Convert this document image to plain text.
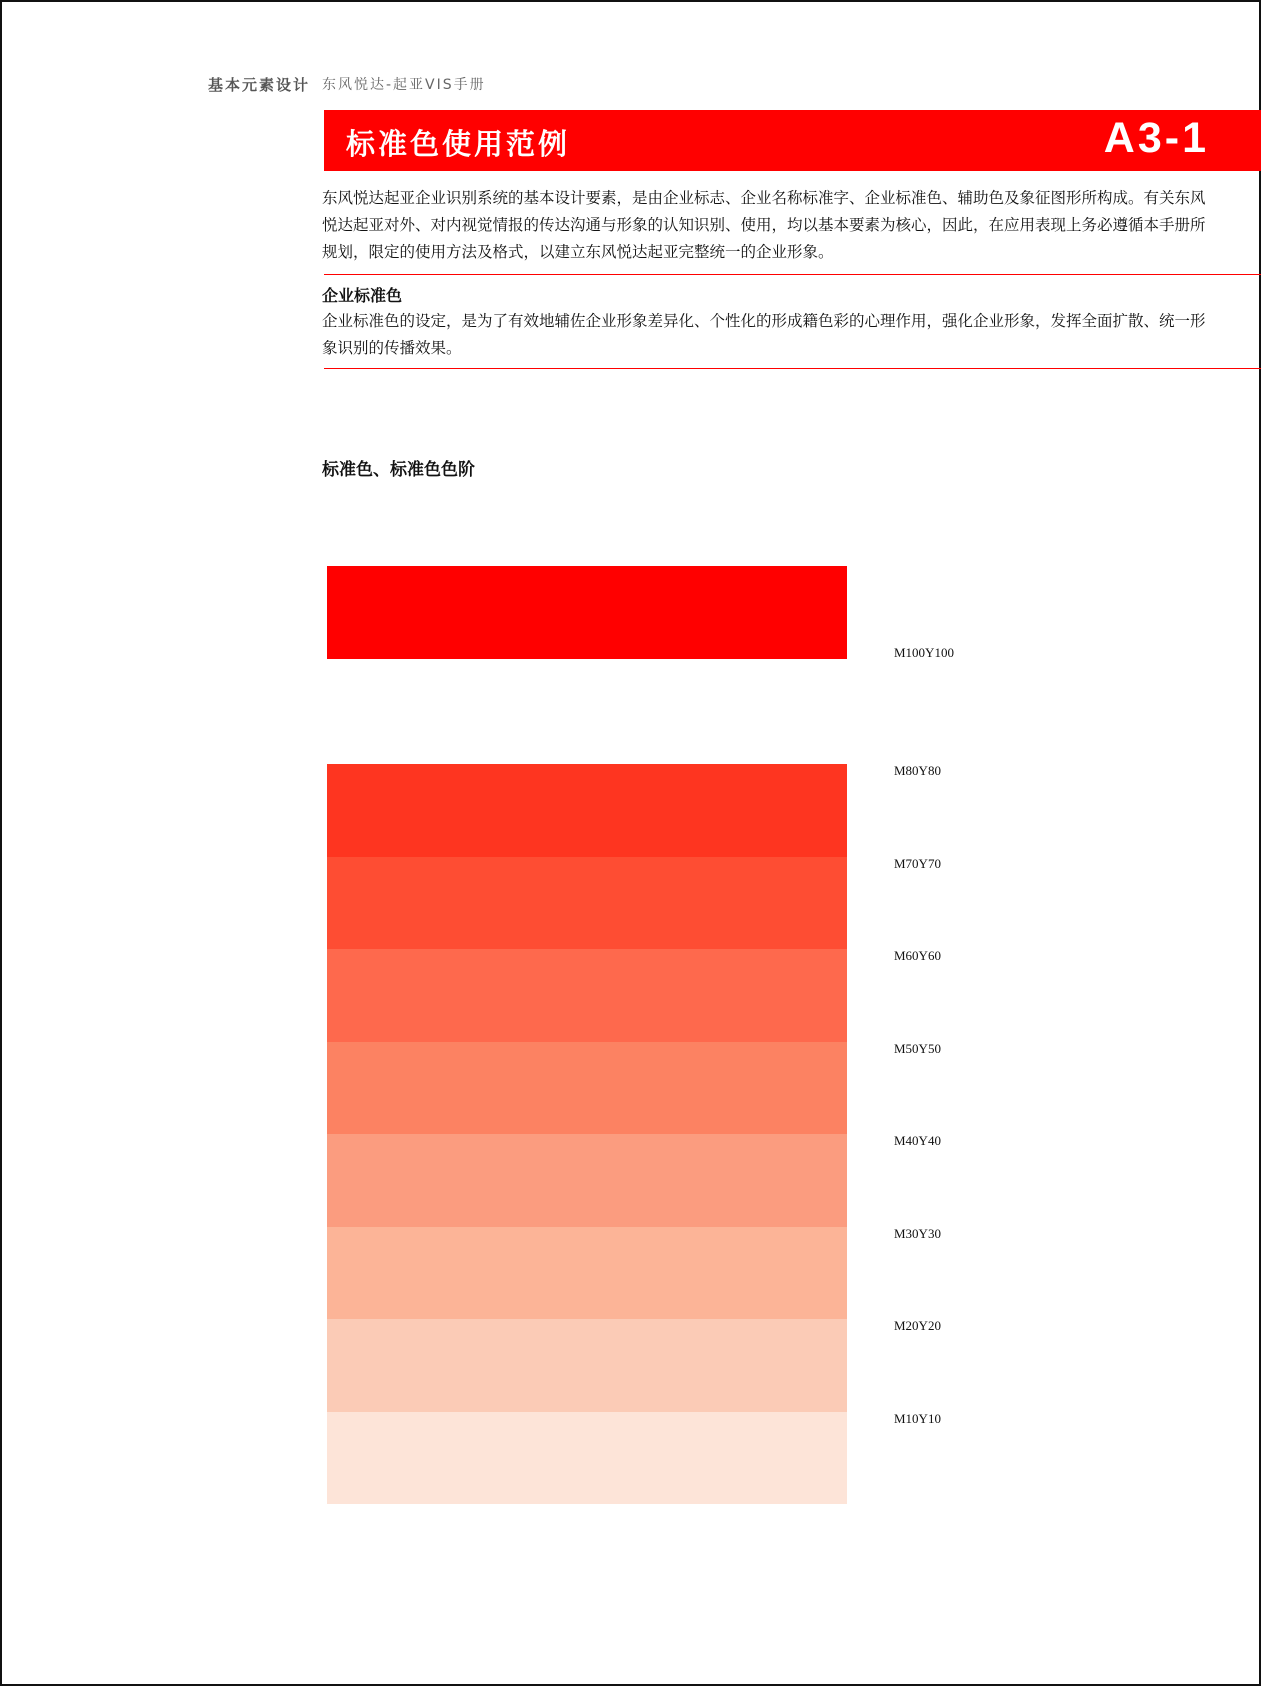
基本元素设计 东风悦达-起亚VIS手册
标准色使用范例	A3-1
东风悦达起亚企业识别系统的基本设计要素，是由企业标志、企业名称标准字、企业标准色、辅助色及象征图形所构成。有关东风悦达起亚对外、对内视觉情报的传达沟通与形象的认知识别、使用，均以基本要素为核心，因此，在应用表现上务必遵循本手册所规划，限定的使用方法及格式，以建立东风悦达起亚完整统一的企业形象。
企业标准色
企业标准色的设定，是为了有效地辅佐企业形象差异化、个性化的形成籍色彩的心理作用，强化企业形象，发挥全面扩散、统一形象识别的传播效果。
标准色、标准色色阶
M100Y100
M80Y80
M70Y70
M60Y60
M50Y50
M40Y40
M30Y30
M20Y20
M10Y10
